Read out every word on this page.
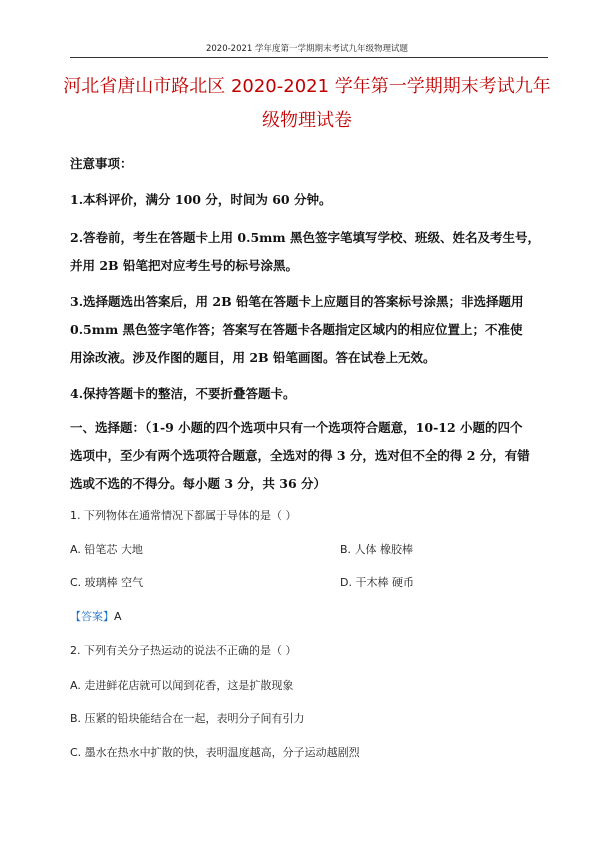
2020-2021 学年度第一学期期末考试九年级物理试题
河北省唐山市路北区 2020-2021 学年第一学期期末考试九年
级物理试卷

注意事项：

1.本科评价，满分 100 分，时间为 60 分钟。

2.答卷前，考生在答题卡上用 0.5mm 黑色签字笔填写学校、班级、姓名及考生号，
并用 2B 铅笔把对应考生号的标号涂黑。

3.选择题选出答案后，用 2B 铅笔在答题卡上应题目的答案标号涂黑；非选择题用
0.5mm 黑色签字笔作答；答案写在答题卡各题指定区域内的相应位置上；不准使
用涂改液。涉及作图的题目，用 2B 铅笔画图。答在试卷上无效。

4.保持答题卡的整洁，不要折叠答题卡。

一、选择题：（1-9 小题的四个选项中只有一个选项符合题意，10-12 小题的四个
选项中，至少有两个选项符合题意，全选对的得 3 分，选对但不全的得 2 分，有错
选或不选的不得分。每小题 3 分，共 36 分）

1. 下列物体在通常情况下都属于导体的是（ ）

A. 铅笔芯 大地	B. 人体 橡胶棒

C. 玻璃棒 空气	D. 干木棒 硬币

【答案】A

2. 下列有关分子热运动的说法不正确的是（ ）

A. 走进鲜花店就可以闻到花香，这是扩散现象

B. 压紧的铅块能结合在一起，表明分子间有引力

C. 墨水在热水中扩散的快，表明温度越高，分子运动越剧烈
